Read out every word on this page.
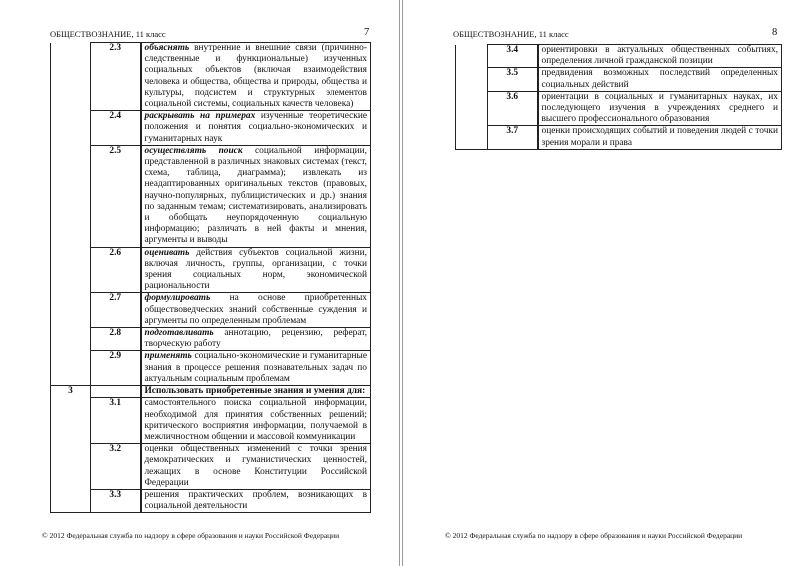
ОБЩЕСТВОЗНАНИЕ, 11 класс	7
	2.3	объяснять внутренние и внешние связи (причинно-следственные и функциональные) изученных социальных объектов (включая взаимодействия человека и общества, общества и природы, общества и культуры, подсистем и структурных элементов социальной системы, социальных качеств человека)
	2.4	раскрывать на примерах изученные теоретические положения и понятия социально-экономических и гуманитарных наук
	2.5	осуществлять поиск социальной информации, представленной в различных знаковых системах (текст, схема, таблица, диаграмма); извлекать из неадаптированных оригинальных текстов (правовых, научно-популярных, публицистических и др.) знания по заданным темам; систематизировать, анализировать и обобщать неупорядоченную социальную информацию; различать в ней факты и мнения, аргументы и выводы
	2.6	оценивать действия субъектов социальной жизни, включая личность, группы, организации, с точки зрения социальных норм, экономической рациональности
	2.7	формулировать на основе приобретенных обществоведческих знаний собственные суждения и аргументы по определенным проблемам
	2.8	подготавливать аннотацию, рецензию, реферат, творческую работу
	2.9	применять социально-экономические и гуманитарные знания в процессе решения познавательных задач по актуальным социальным проблемам
3		Использовать приобретенные знания и умения для:
	3.1	самостоятельного поиска социальной информации, необходимой для принятия собственных решений; критического восприятия информации, получаемой в межличностном общении и массовой коммуникации
	3.2	оценки общественных изменений с точки зрения демократических и гуманистических ценностей, лежащих в основе Конституции Российской Федерации
	3.3	решения практических проблем, возникающих в социальной деятельности
© 2012 Федеральная служба по надзору в сфере образования и науки Российской Федерации
ОБЩЕСТВОЗНАНИЕ, 11 класс	8
	3.4	ориентировки в актуальных общественных событиях, определения личной гражданской позиции
	3.5	предвидения возможных последствий определенных социальных действий
	3.6	ориентации в социальных и гуманитарных науках, их последующего изучения в учреждениях среднего и высшего профессионального образования
	3.7	оценки происходящих событий и поведения людей с точки зрения морали и права
© 2012 Федеральная служба по надзору в сфере образования и науки Российской Федерации
